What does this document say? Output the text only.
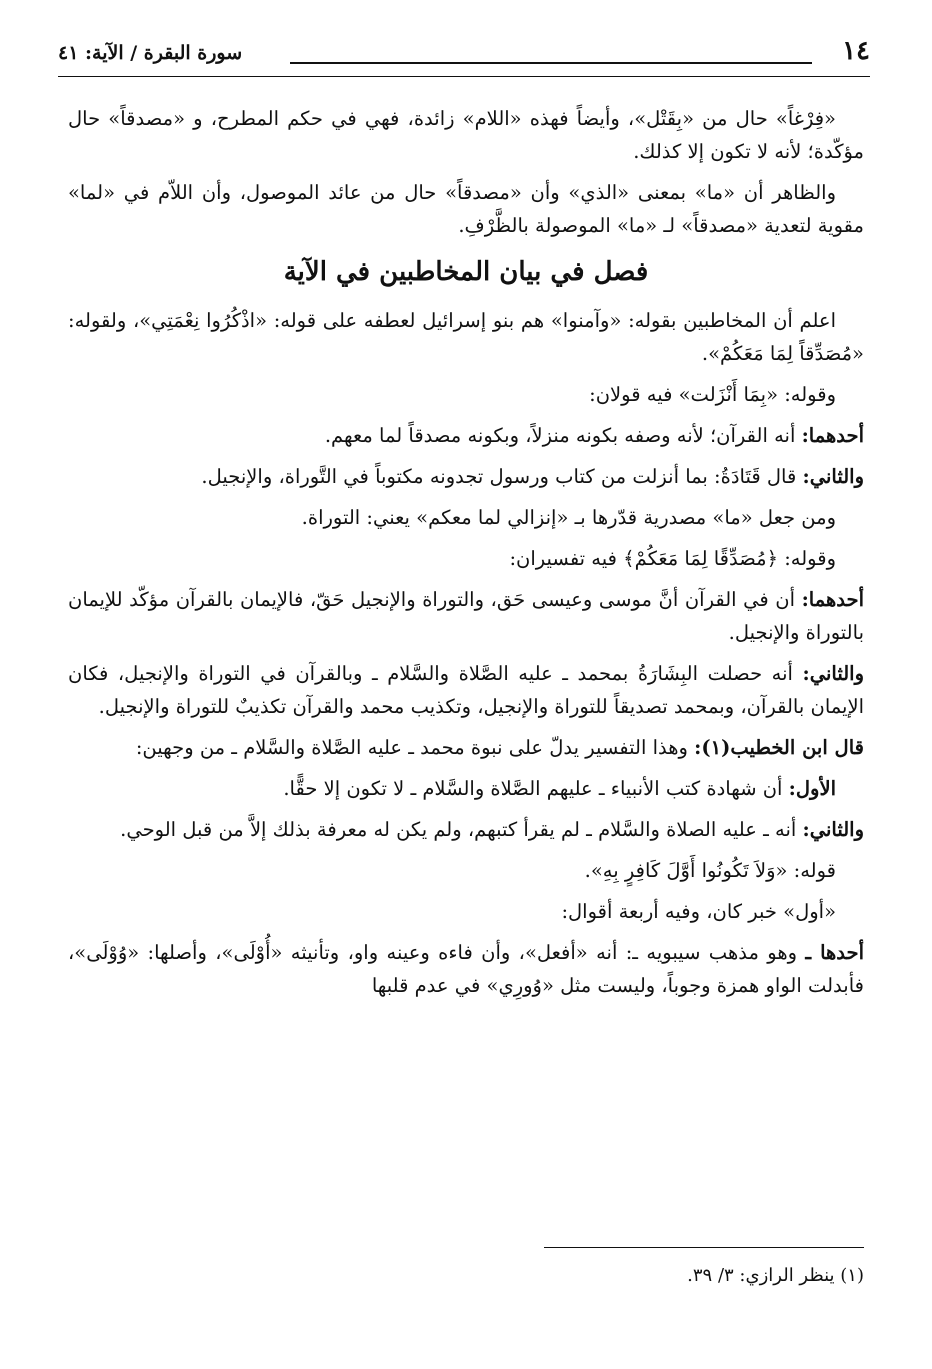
١٤
سورة البقرة / الآية: ٤١

«فِرْغاً» حال من «بِقَتْل»، وأيضاً فهذه «اللام» زائدة، فهي في حكم المطرح، و «مصدقاً» حال مؤكّدة؛ لأنه لا تكون إلا كذلك.

والظاهر أن «ما» بمعنى «الذي» وأن «مصدقاً» حال من عائد الموصول، وأن اللاّم في «لما» مقوية لتعدية «مصدقاً» لـ «ما» الموصولة بالظَّرْفِ.

فصل في بيان المخاطبين في الآية

اعلم أن المخاطبين بقوله: «وآمنوا» هم بنو إسرائيل لعطفه على قوله: «اذْكُرُوا نِعْمَتِي»، ولقوله: «مُصَدِّقاً لِمَا مَعَكُمْ».

وقوله: «بِمَا أَنْزَلت» فيه قولان:

أحدهما: أنه القرآن؛ لأنه وصفه بكونه منزلاً، وبكونه مصدقاً لما معهم.

والثاني: قال قَتَادَةُ: بما أنزلت من كتاب ورسول تجدونه مكتوباً في التَّوراة، والإنجيل.

ومن جعل «ما» مصدرية قدّرها بـ «إنزالي لما معكم» يعني: التوراة.

وقوله: ﴿مُصَدِّقًا لِمَا مَعَكُمْ﴾ فيه تفسيران:

أحدهما: أن في القرآن أنَّ موسى وعيسى حَق، والتوراة والإنجيل حَقّ، فالإيمان بالقرآن مؤكّد للإيمان بالتوراة والإنجيل.

والثاني: أنه حصلت البِشَارَةُ بمحمد ـ عليه الصَّلاة والسَّلام ـ وبالقرآن في التوراة والإنجيل، فكان الإيمان بالقرآن، وبمحمد تصديقاً للتوراة والإنجيل، وتكذيب محمد والقرآن تكذيبٌ للتوراة والإنجيل.

قال ابن الخطيب(١): وهذا التفسير يدلّ على نبوة محمد ـ عليه الصَّلاة والسَّلام ـ من وجهين:

الأول: أن شهادة كتب الأنبياء ـ عليهم الصَّلاة والسَّلام ـ لا تكون إلا حقًّا.

والثاني: أنه ـ عليه الصلاة والسَّلام ـ لم يقرأ كتبهم، ولم يكن له معرفة بذلك إلاَّ من قبل الوحي.

قوله: «وَلاَ تَكُونُوا أَوَّلَ كَافِرٍ بِهِ».

«أول» خبر كان، وفيه أربعة أقوال:

أحدها ـ وهو مذهب سيبويه ـ: أنه «أفعل»، وأن فاءه وعينه واو، وتأنيثه «أُوْلَى»، وأصلها: «وُوْلَى»، فأبدلت الواو همزة وجوباً، وليست مثل «وُورِي» في عدم قلبها

(١) ينظر الرازي: ٣/ ٣٩.
